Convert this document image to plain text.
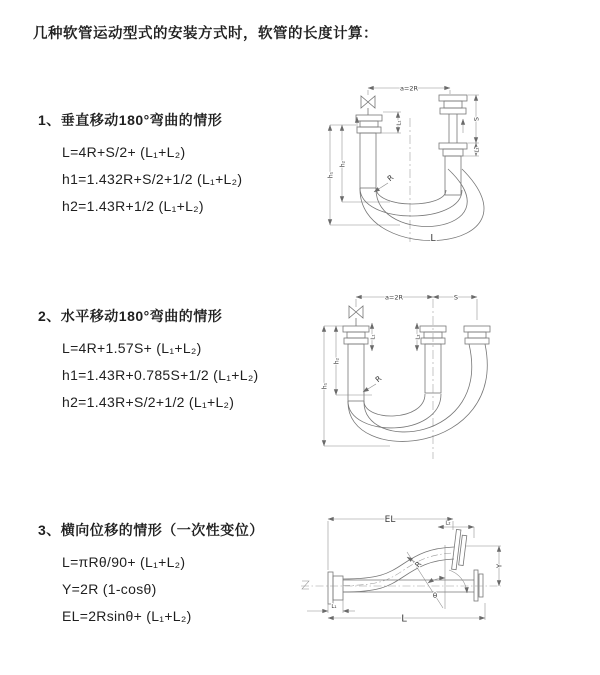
几种软管运动型式的安装方式时，软管的长度计算：
1、垂直移动180°弯曲的情形
L=4R+S/2+ (L₁+L₂)
h1=1.432R+S/2+1/2 (L₁+L₂)
h2=1.43R+1/2 (L₁+L₂)
2、水平移动180°弯曲的情形
L=4R+1.57S+ (L₁+L₂)
h1=1.43R+0.785S+1/2 (L₁+L₂)
h2=1.43R+S/2+1/2 (L₁+L₂)
3、横向位移的情形（一次性变位）
L=πRθ/90+ (L₁+L₂)
Y=2R (1-cosθ)
EL=2Rsinθ+ (L₁+L₂)
a=2R
L₁
S
L₂
h₁
h₂
R
L
a=2R	S
L₁	L₂
h₁
h₂
R
EL	L₂
Y
θ
R
L₁
L
